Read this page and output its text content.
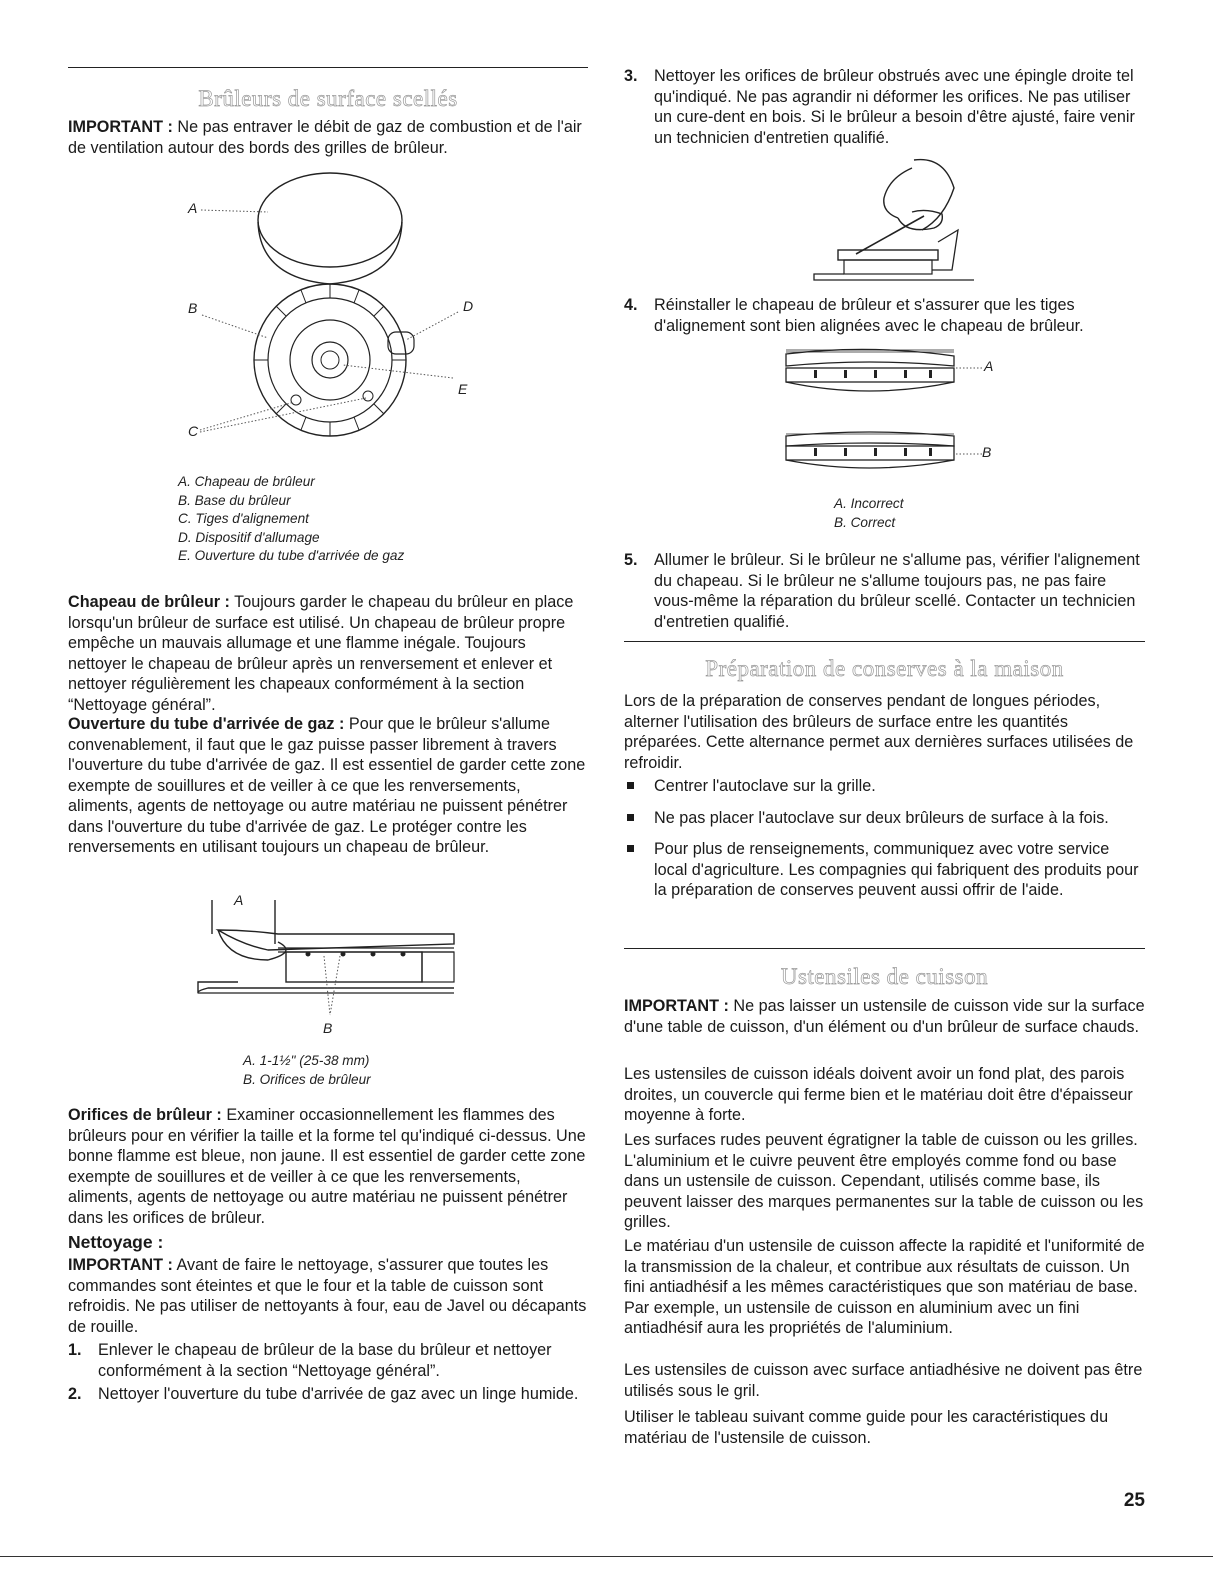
Brûleurs de surface scellés

IMPORTANT : Ne pas entraver le débit de gaz de combustion et de l'air de ventilation autour des bords des grilles de brûleur.

A
B
C
D
E
A. Chapeau de brûleur
B. Base du brûleur
C. Tiges d'alignement
D. Dispositif d'allumage
E. Ouverture du tube d'arrivée de gaz

Chapeau de brûleur : Toujours garder le chapeau du brûleur en place lorsqu'un brûleur de surface est utilisé. Un chapeau de brûleur propre empêche un mauvais allumage et une flamme inégale. Toujours nettoyer le chapeau de brûleur après un renversement et enlever et nettoyer régulièrement les chapeaux conformément à la section “Nettoyage général”.

Ouverture du tube d'arrivée de gaz : Pour que le brûleur s'allume convenablement, il faut que le gaz puisse passer librement à travers l'ouverture du tube d'arrivée de gaz. Il est essentiel de garder cette zone exempte de souillures et de veiller à ce que les renversements, aliments, agents de nettoyage ou autre matériau ne puissent pénétrer dans l'ouverture du tube d'arrivée de gaz. Le protéger contre les renversements en utilisant toujours un chapeau de brûleur.

A
B
A. 1-1½" (25-38 mm)
B. Orifices de brûleur

Orifices de brûleur : Examiner occasionnellement les flammes des brûleurs pour en vérifier la taille et la forme tel qu'indiqué ci-dessus. Une bonne flamme est bleue, non jaune. Il est essentiel de garder cette zone exempte de souillures et de veiller à ce que les renversements, aliments, agents de nettoyage ou autre matériau ne puissent pénétrer dans les orifices de brûleur.

Nettoyage :

IMPORTANT : Avant de faire le nettoyage, s'assurer que toutes les commandes sont éteintes et que le four et la table de cuisson sont refroidis. Ne pas utiliser de nettoyants à four, eau de Javel ou décapants de rouille.

1. Enlever le chapeau de brûleur de la base du brûleur et nettoyer conformément à la section “Nettoyage général”.
2. Nettoyer l'ouverture du tube d'arrivée de gaz avec un linge humide.
3. Nettoyer les orifices de brûleur obstrués avec une épingle droite tel qu'indiqué. Ne pas agrandir ni déformer les orifices. Ne pas utiliser un cure-dent en bois. Si le brûleur a besoin d'être ajusté, faire venir un technicien d'entretien qualifié.
4. Réinstaller le chapeau de brûleur et s'assurer que les tiges d'alignement sont bien alignées avec le chapeau de brûleur.
A
B
A. Incorrect
B. Correct
5. Allumer le brûleur. Si le brûleur ne s'allume pas, vérifier l'alignement du chapeau. Si le brûleur ne s'allume toujours pas, ne pas faire vous-même la réparation du brûleur scellé. Contacter un technicien d'entretien qualifié.
Préparation de conserves à la maison

Lors de la préparation de conserves pendant de longues périodes, alterner l'utilisation des brûleurs de surface entre les quantités préparées. Cette alternance permet aux dernières surfaces utilisées de refroidir.

Centrer l'autoclave sur la grille.
Ne pas placer l'autoclave sur deux brûleurs de surface à la fois.
Pour plus de renseignements, communiquez avec votre service local d'agriculture. Les compagnies qui fabriquent des produits pour la préparation de conserves peuvent aussi offrir de l'aide.
Ustensiles de cuisson

IMPORTANT : Ne pas laisser un ustensile de cuisson vide sur la surface d'une table de cuisson, d'un élément ou d'un brûleur de surface chauds.

Les ustensiles de cuisson idéals doivent avoir un fond plat, des parois droites, un couvercle qui ferme bien et le matériau doit être d'épaisseur moyenne à forte.

Les surfaces rudes peuvent égratigner la table de cuisson ou les grilles. L'aluminium et le cuivre peuvent être employés comme fond ou base dans un ustensile de cuisson. Cependant, utilisés comme base, ils peuvent laisser des marques permanentes sur la table de cuisson ou les grilles.

Le matériau d'un ustensile de cuisson affecte la rapidité et l'uniformité de la transmission de la chaleur, et contribue aux résultats de cuisson. Un fini antiadhésif a les mêmes caractéristiques que son matériau de base. Par exemple, un ustensile de cuisson en aluminium avec un fini antiadhésif aura les propriétés de l'aluminium.

Les ustensiles de cuisson avec surface antiadhésive ne doivent pas être utilisés sous le gril.

Utiliser le tableau suivant comme guide pour les caractéristiques du matériau de l'ustensile de cuisson.

25
